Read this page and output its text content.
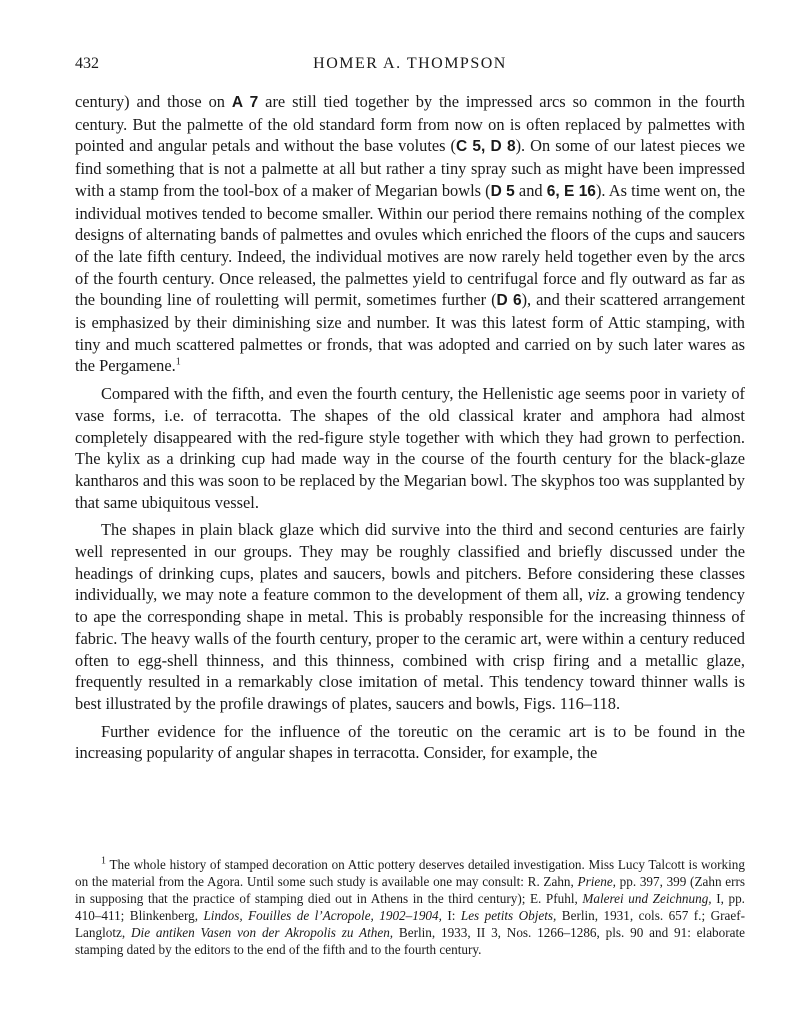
432	HOMER A. THOMPSON

century) and those on A 7 are still tied together by the impressed arcs so common in the fourth century. But the palmette of the old standard form from now on is often replaced by palmettes with pointed and angular petals and without the base volutes (C 5, D 8). On some of our latest pieces we find something that is not a palmette at all but rather a tiny spray such as might have been impressed with a stamp from the tool-box of a maker of Megarian bowls (D 5 and 6, E 16). As time went on, the individual motives tended to become smaller. Within our period there remains nothing of the complex designs of alternating bands of palmettes and ovules which enriched the floors of the cups and saucers of the late fifth century. Indeed, the individual motives are now rarely held together even by the arcs of the fourth century. Once released, the palmettes yield to centrifugal force and fly outward as far as the bounding line of rouletting will permit, sometimes further (D 6), and their scattered arrangement is emphasized by their diminishing size and number. It was this latest form of Attic stamping, with tiny and much scattered palmettes or fronds, that was adopted and carried on by such later wares as the Pergamene.$^1$

Compared with the fifth, and even the fourth century, the Hellenistic age seems poor in variety of vase forms, i.e. of terracotta. The shapes of the old classical krater and amphora had almost completely disappeared with the red-figure style together with which they had grown to perfection. The kylix as a drinking cup had made way in the course of the fourth century for the black-glaze kantharos and this was soon to be replaced by the Megarian bowl. The skyphos too was supplanted by that same ubiquitous vessel.

The shapes in plain black glaze which did survive into the third and second centuries are fairly well represented in our groups. They may be roughly classified and briefly discussed under the headings of drinking cups, plates and saucers, bowls and pitchers. Before considering these classes individually, we may note a feature common to the development of them all, viz. a growing tendency to ape the corresponding shape in metal. This is probably responsible for the increasing thinness of fabric. The heavy walls of the fourth century, proper to the ceramic art, were within a century reduced often to egg-shell thinness, and this thinness, combined with crisp firing and a metallic glaze, frequently resulted in a remarkably close imitation of metal. This tendency toward thinner walls is best illustrated by the profile drawings of plates, saucers and bowls, Figs. 116–118.

Further evidence for the influence of the toreutic on the ceramic art is to be found in the increasing popularity of angular shapes in terracotta. Consider, for example, the

$^1$ The whole history of stamped decoration on Attic pottery deserves detailed investigation. Miss Lucy Talcott is working on the material from the Agora. Until some such study is available one may consult: R. Zahn, Priene, pp. 397, 399 (Zahn errs in supposing that the practice of stamping died out in Athens in the third century); E. Pfuhl, Malerei und Zeichnung, I, pp. 410–411; Blinkenberg, Lindos, Fouilles de l’Acropole, 1902–1904, I: Les petits Objets, Berlin, 1931, cols. 657 f.; Graef-Langlotz, Die antiken Vasen von der Akropolis zu Athen, Berlin, 1933, II 3, Nos. 1266–1286, pls. 90 and 91: elaborate stamping dated by the editors to the end of the fifth and to the fourth century.
